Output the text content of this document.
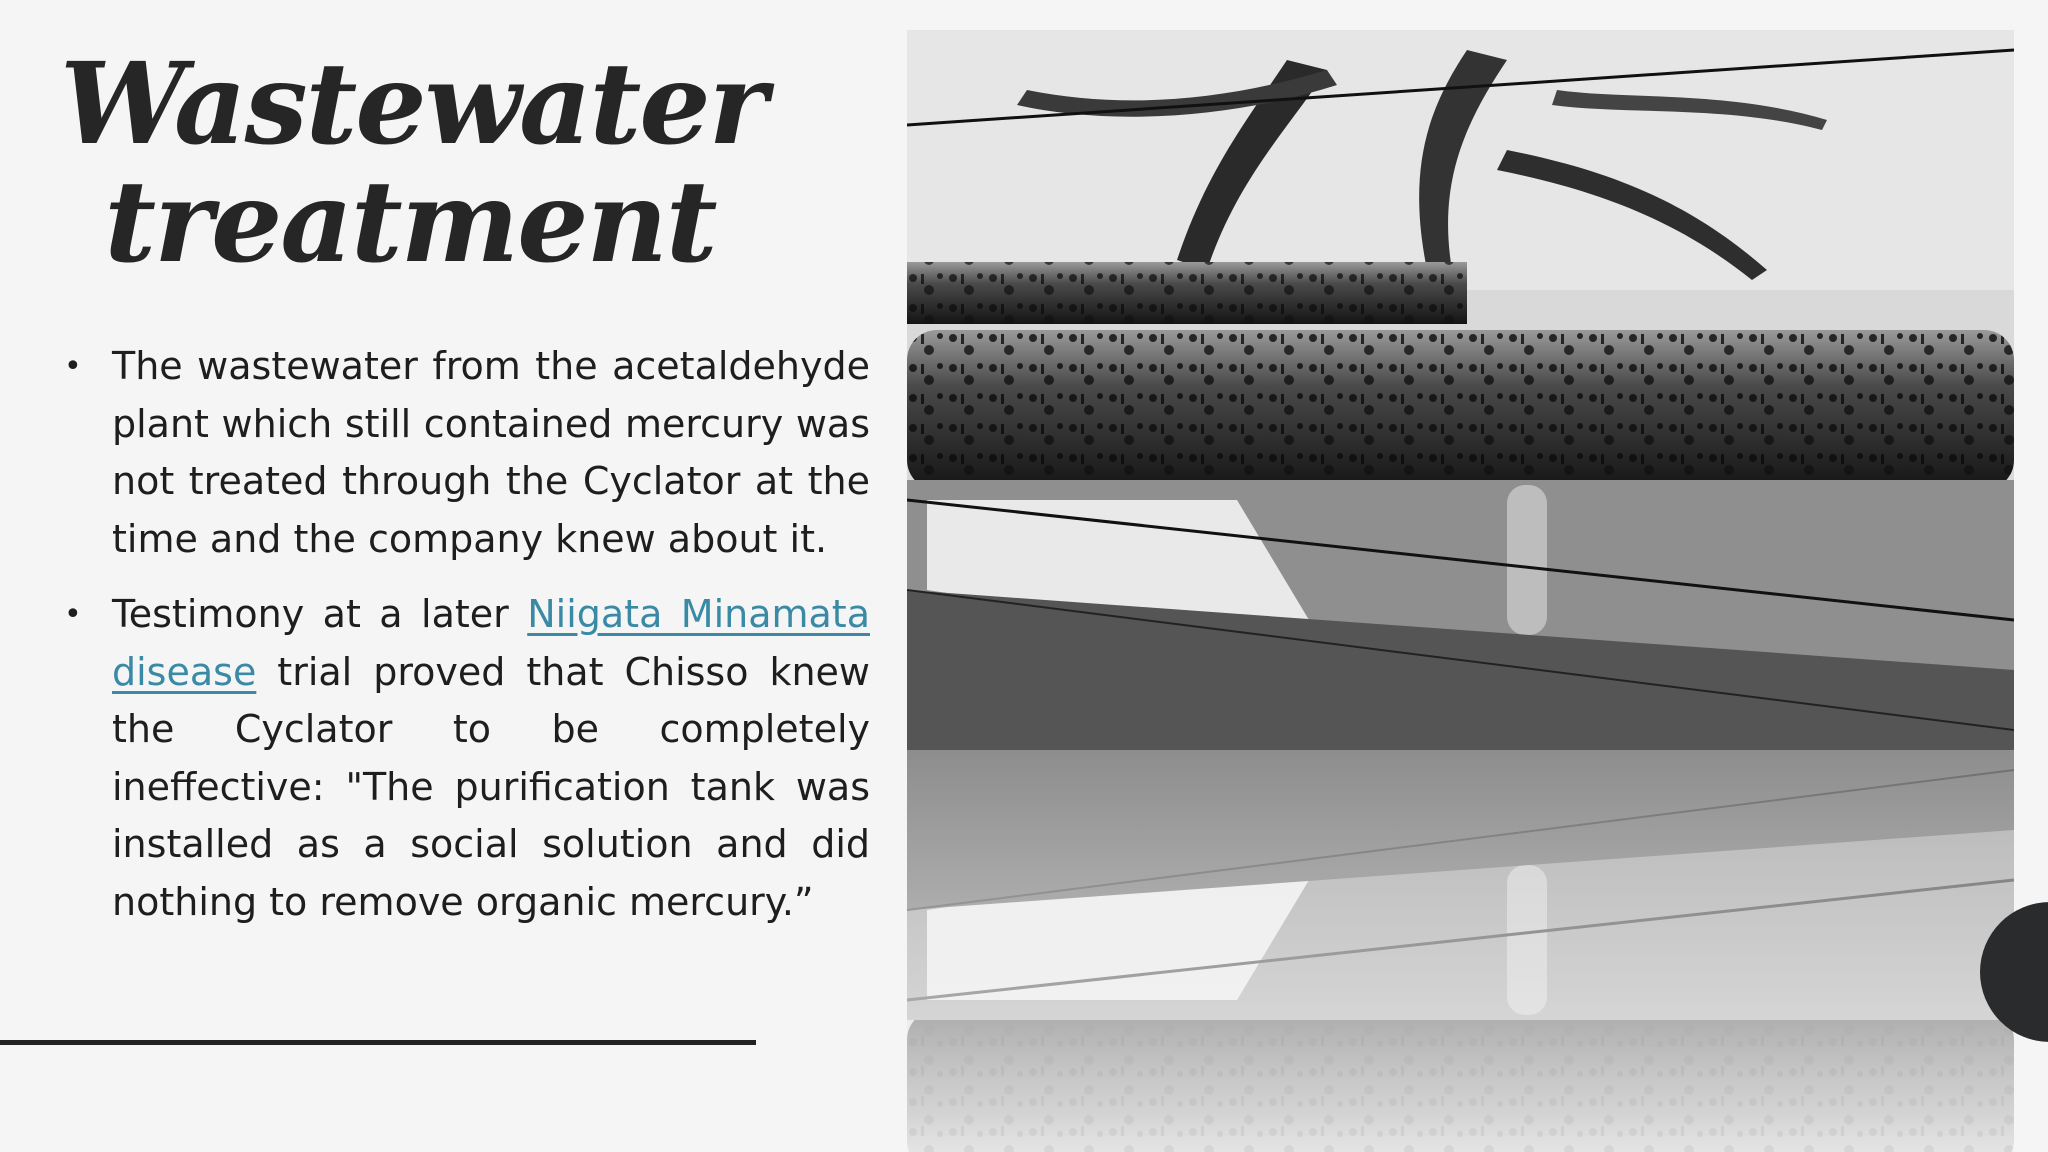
Wastewater
treatment
• The wastewater from the acetaldehyde plant which still contained mercury was not treated through the Cyclator at the time and the company knew about it.
• Testimony at a later Niigata Minamata disease trial proved that Chisso knew the Cyclator to be completely ineffective: "The purification tank was installed as a social solution and did nothing to remove organic mercury.”
